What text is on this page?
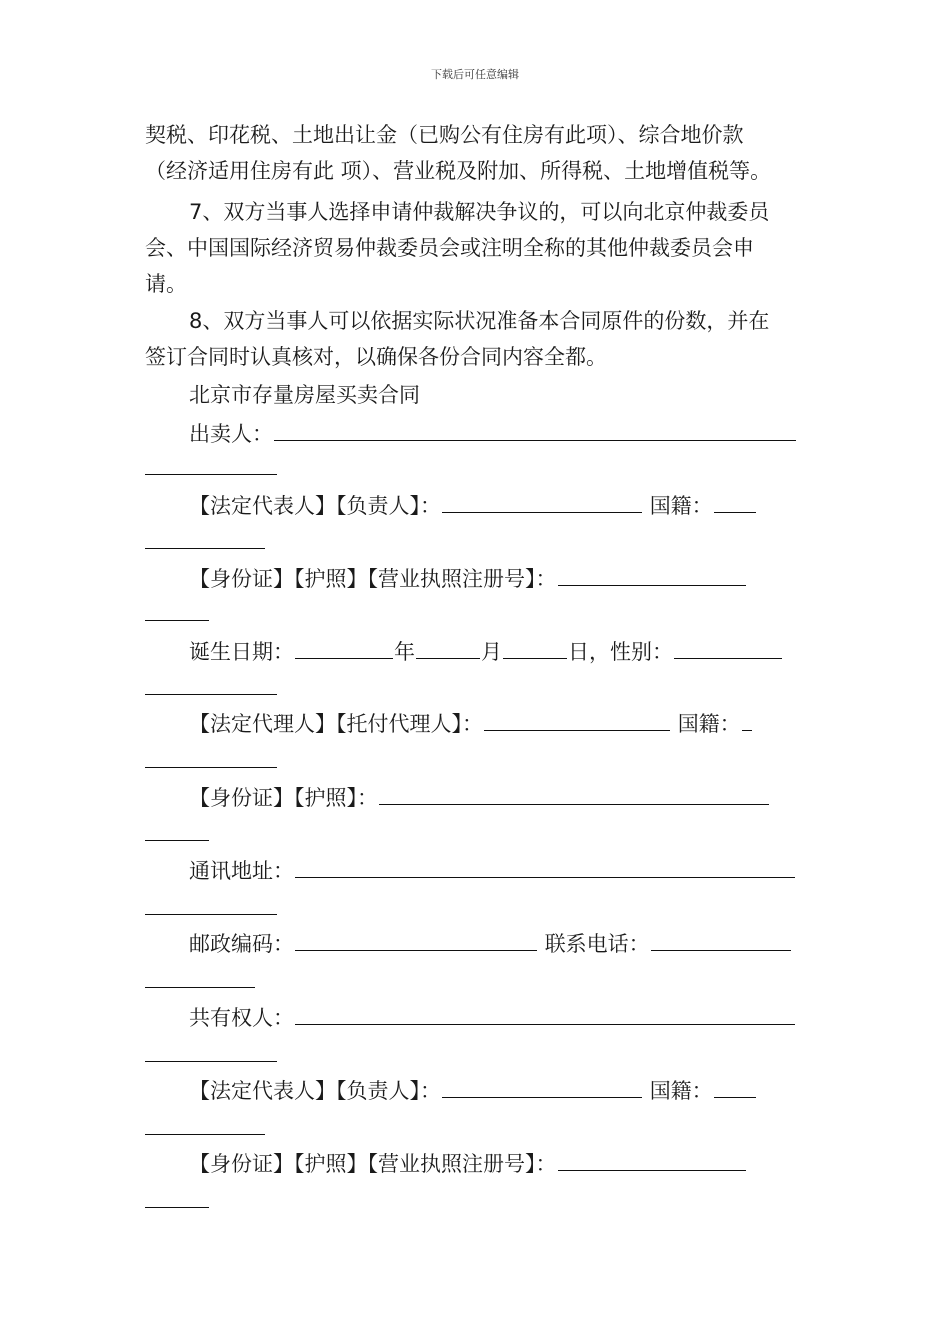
下载后可任意编辑
契税、印花税、土地出让金（已购公有住房有此项）、综合地价款
（经济适用住房有此 项）、营业税及附加、所得税、土地增值税等。
7、双方当事人选择申请仲裁解决争议的，可以向北京仲裁委员
会、中国国际经济贸易仲裁委员会或注明全称的其他仲裁委员会申
请。
8、双方当事人可以依据实际状况准备本合同原件的份数，并在
签订合同时认真核对，以确保各份合同内容全都。
北京市存量房屋买卖合同
出卖人：
【法定代表人】【负责人】：	国籍：
【身份证】【护照】【营业执照注册号】：
诞生日期：	年	月	日，性别：
【法定代理人】【托付代理人】：	国籍：
【身份证】【护照】：
通讯地址：
邮政编码：	联系电话：
共有权人：
【法定代表人】【负责人】：	国籍：
【身份证】【护照】【营业执照注册号】：
